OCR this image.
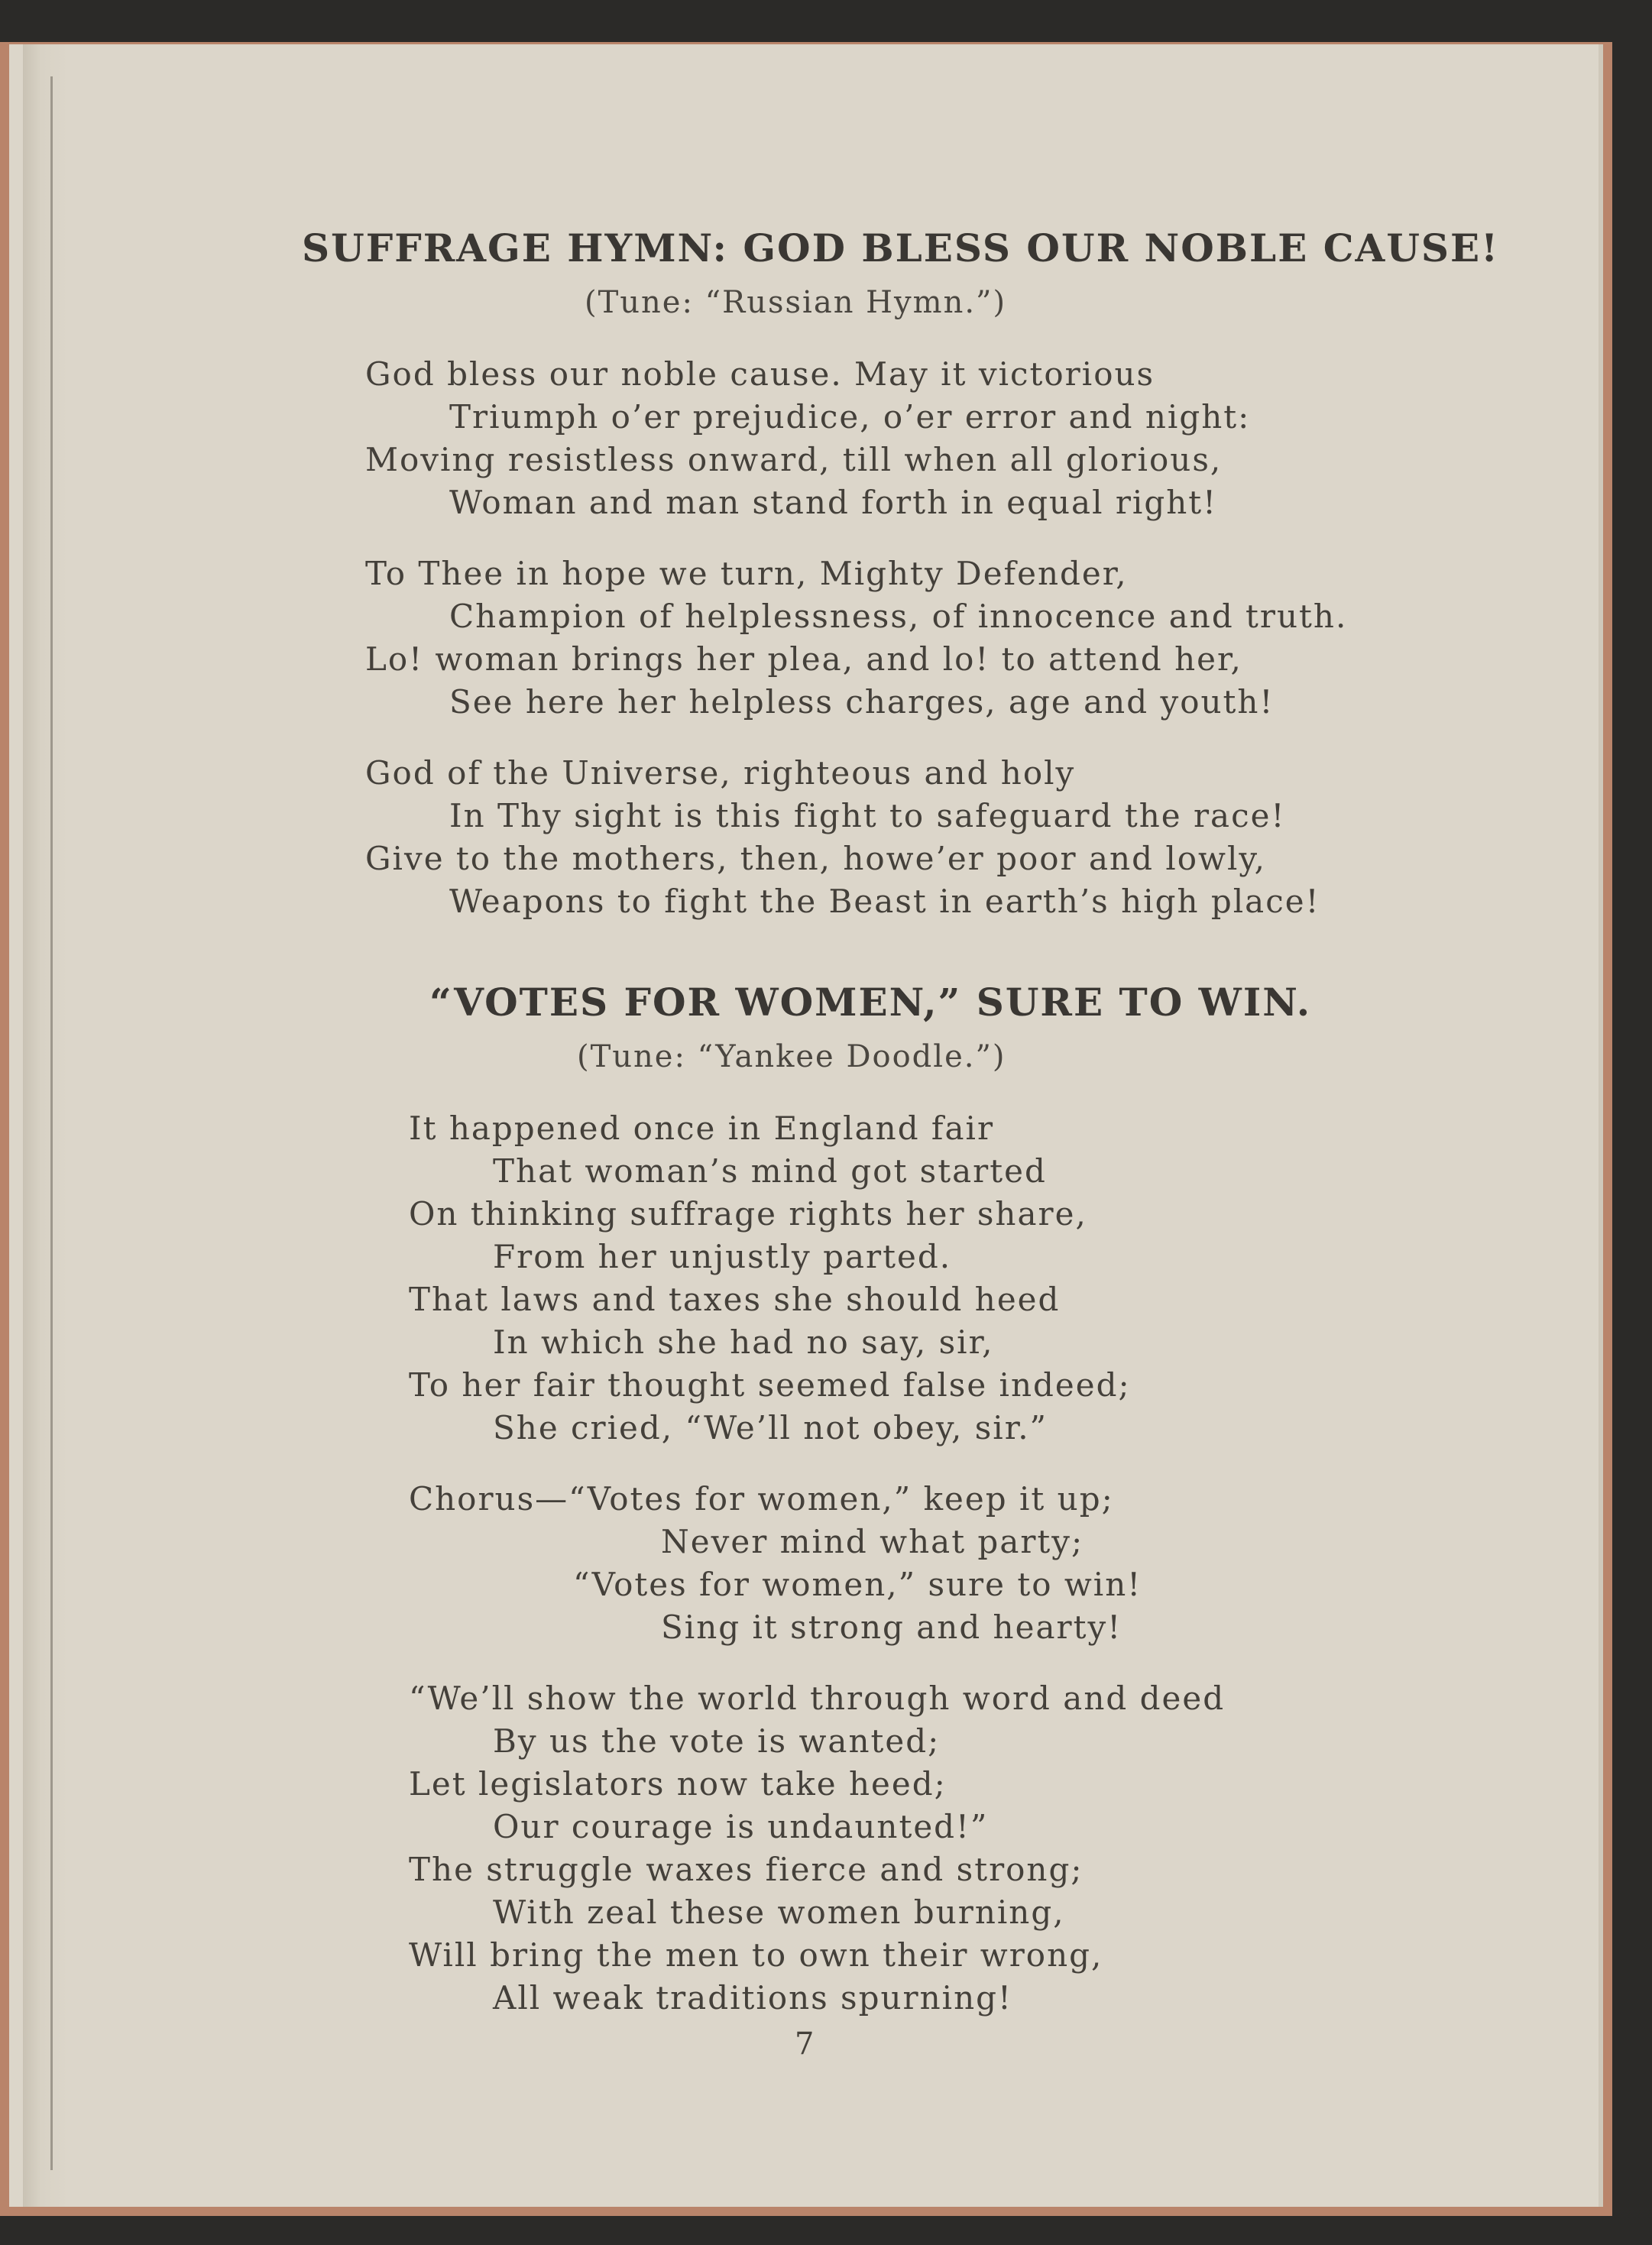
SUFFRAGE HYMN: GOD BLESS OUR NOBLE CAUSE!
(Tune: “Russian Hymn.”)
God bless our noble cause. May it victorious
Triumph o’er prejudice, o’er error and night:
Moving resistless onward, till when all glorious,
Woman and man stand forth in equal right!
To Thee in hope we turn, Mighty Defender,
Champion of helplessness, of innocence and truth.
Lo! woman brings her plea, and lo! to attend her,
See here her helpless charges, age and youth!
God of the Universe, righteous and holy
In Thy sight is this fight to safeguard the race!
Give to the mothers, then, howe’er poor and lowly,
Weapons to fight the Beast in earth’s high place!
“VOTES FOR WOMEN,” SURE TO WIN.
(Tune: “Yankee Doodle.”)
It happened once in England fair
That woman’s mind got started
On thinking suffrage rights her share,
From her unjustly parted.
That laws and taxes she should heed
In which she had no say, sir,
To her fair thought seemed false indeed;
She cried, “We’ll not obey, sir.”
Chorus—“Votes for women,” keep it up;
Never mind what party;
“Votes for women,” sure to win!
Sing it strong and hearty!
“We’ll show the world through word and deed
By us the vote is wanted;
Let legislators now take heed;
Our courage is undaunted!”
The struggle waxes fierce and strong;
With zeal these women burning,
Will bring the men to own their wrong,
All weak traditions spurning!
7
